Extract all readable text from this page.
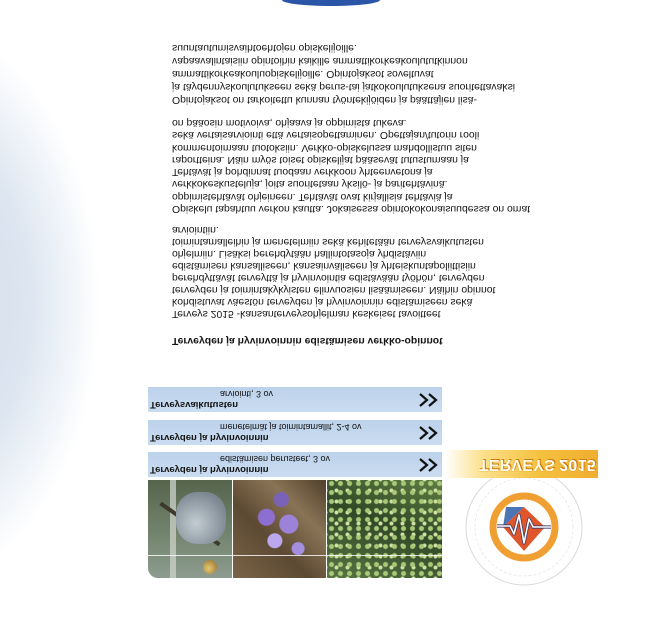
TERVEYS 2015
Terveyden ja hyvinvoinnin
edistämisen perusteet, 3 ov
Terveyden ja hyvinvoinnin
menetelmät ja toimintamallit, 2-4 ov
Terveysvaikutusten
arviointi, 3 ov
Terveyden ja hyvinvoinnin edistämisen verkko-opinnot
Terveys 2015 -kansanterveysohjelman keskeiset tavoitteet
kohdistuvat väestön terveyden ja hyvinvoinnin edistämiseen sekä
terveyden ja toimintakykyisten elinvuosien lisäämiseen. Näihin opinnot
perehdyttävät terveyttä ja hyvinvointia edistävään työhön, terveyden
edistämisen kansalliseen, kansainväliseen ja yhteiskuntapoliittisiin
ohjelmiin. Lisäksi perehdytään hallintotasoja yhdistäviin
toimintamalleihin ja menetelmiin sekä kehitetään terveysvaikutusten
arviointiin.
Opiskelu tapahtuu verkon kautta. Jokaisessa opintokokonaisuudessa on omat
oppimistehtävät ohjeineen. Tehtävät ovat kirjallisia tehtäviä ja
verkkokeskusteluja, joita suoritetaan yksilö- ja paritehtävinä.
Tehtävät ja pohdinnat tuodaan verkkoon yhteenvetona ja
raportteina. Näin myös toiset opiskelijat pääsevät tutustumaan ja
kommentoimaan tuotoksiin. Verkko-opiskelussa mahdollistuu siten
sekä vertaisarviointi että vertaisopettaminen. Opettajan/tutorin rooli
on pääosin motivoiva, ohjaava ja oppimista tukeva.
Opintojaksot on tarkoitettu kunnan työntekijöiden ja päättäjien lisä-
ja täydennyskoulutukseen sekä perus-tai jatkokoulutuksena suoritettavaksi
ammattikorkeakouluopiskelijoille. Opintojaksot soveltuvat
vapaavalintaisiin opintoihin kaikille ammattikorkeakoulututkinnon
suuntautumisvaihtoehtojen opiskelijoille.
